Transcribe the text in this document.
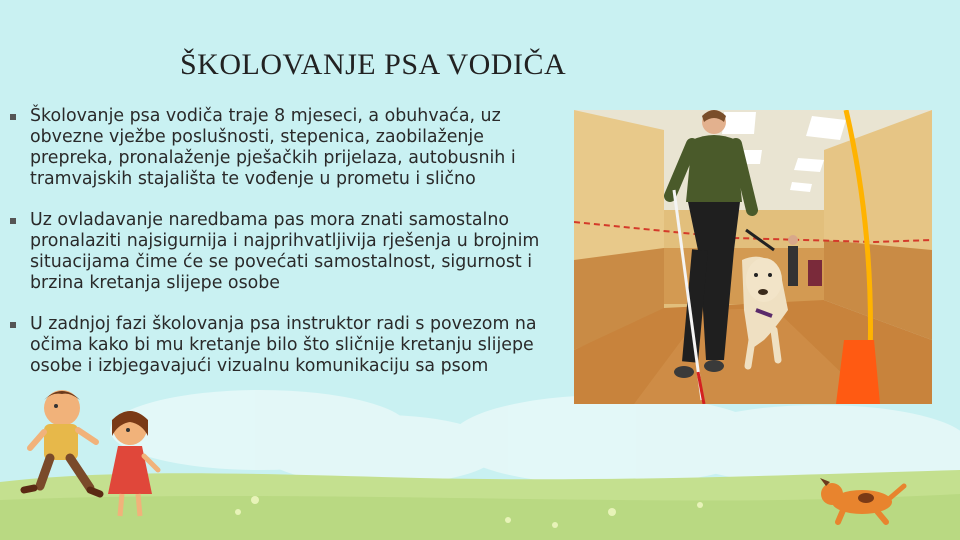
ŠKOLOVANJE PSA VODIČA
Školovanje psa vodiča traje 8 mjeseci, a obuhvaća, uz obvezne vježbe poslušnosti, stepenica, zaobilaženje prepreka, pronalaženje pješačkih prijelaza, autobusnih i tramvajskih stajališta te vođenje u prometu i slično
Uz ovladavanje naredbama pas mora znati samostalno pronalaziti najsigurnija i najprihvatljivija rješenja u brojnim situacijama čime će se povećati samostalnost, sigurnost i brzina kretanja slijepe osobe
U zadnjoj fazi školovanja psa instruktor radi s povezom na očima kako bi mu kretanje bilo što sličnije kretanju slijepe osobe i izbjegavajući vizualnu komunikaciju sa psom
